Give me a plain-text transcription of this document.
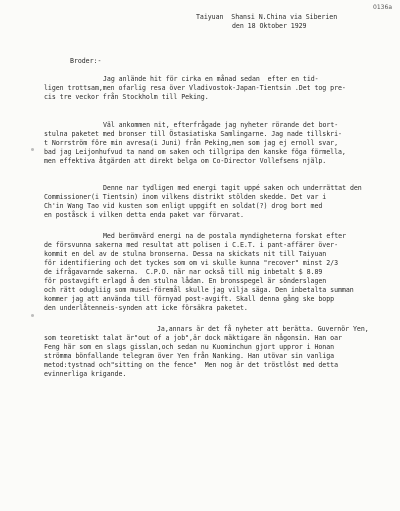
0136a
Taiyuan  Shansi N.China via Siberien
den 18 Oktober 1929
Broder:-
Jag anlände hit för cirka en månad sedan  efter en tid-
ligen trottsam,men ofarlig resa över Vladivostok-Japan-Tientsin .Det tog pre-
cis tre veckor från Stockholm till Peking.
Väl ankommen nit, efterfrågade jag nyheter rörande det bort-
stulna paketet med bronser till Östasiatiska Samlingarne. Jag nade tillskri-
t Norrström före min avresa(i Juni) från Peking,men som jag ej ernoll svar,
bad jag Leijonhufvud ta nand om saken och tillgripa den kanske föga förmella,
men effektiva åtgärden att direkt belga om Co-Director Vollefsens njälp.
Denne nar tydligen med energi tagit uppé saken och underrättat den
Commissioner(i Tientsin) inom vilkens distrikt stölden skedde. Det var i
Ch'in Wang Tao vid kusten som enligt uppgift en soldat(?) drog bort med
en poståsck i vilken detta enda paket var förvarat.
Med berömvärd energi na de postala myndigheterna forskat efter
de försvunna sakerna med resultat att polisen i C.E.T. i pant-affärer över-
kommit en del av de stulna bronserna. Dessa na skickats nit till Taiyuan
för identifiering och det tyckes som om vi skulle kunna "recover" minst 2/3
de ifrågavarnde sakerna.  C.P.O. när nar också till mig inbetalt $ 8.89
för postavgift erlagd å den stulna lådan. En bronsspegel är sönderslagen
och rätt odugliig som musei-föremål skulle jag vilja säga. Den inbetalta summan
kommer jag att använda till förnyad post-avgift. Skall denna gång ske bopp
den underlåtenneis-synden att icke försäkra paketet.
Ja,annars är det få nyheter att berätta. Guvernör Yen,
som teoretiskt talat är"out of a job",är dock mäktigare än någonsin. Han oar
Feng här som en slags gisslan,och sedan nu Kuominchun gjort uppror i Honan
strömma bönfallande telegram över Yen från Nanking. Han utövar sin vanliga
metod:tystnad och"sitting on the fence"  Men nog är det tröstlöst med detta
evinnerliga krigande.
